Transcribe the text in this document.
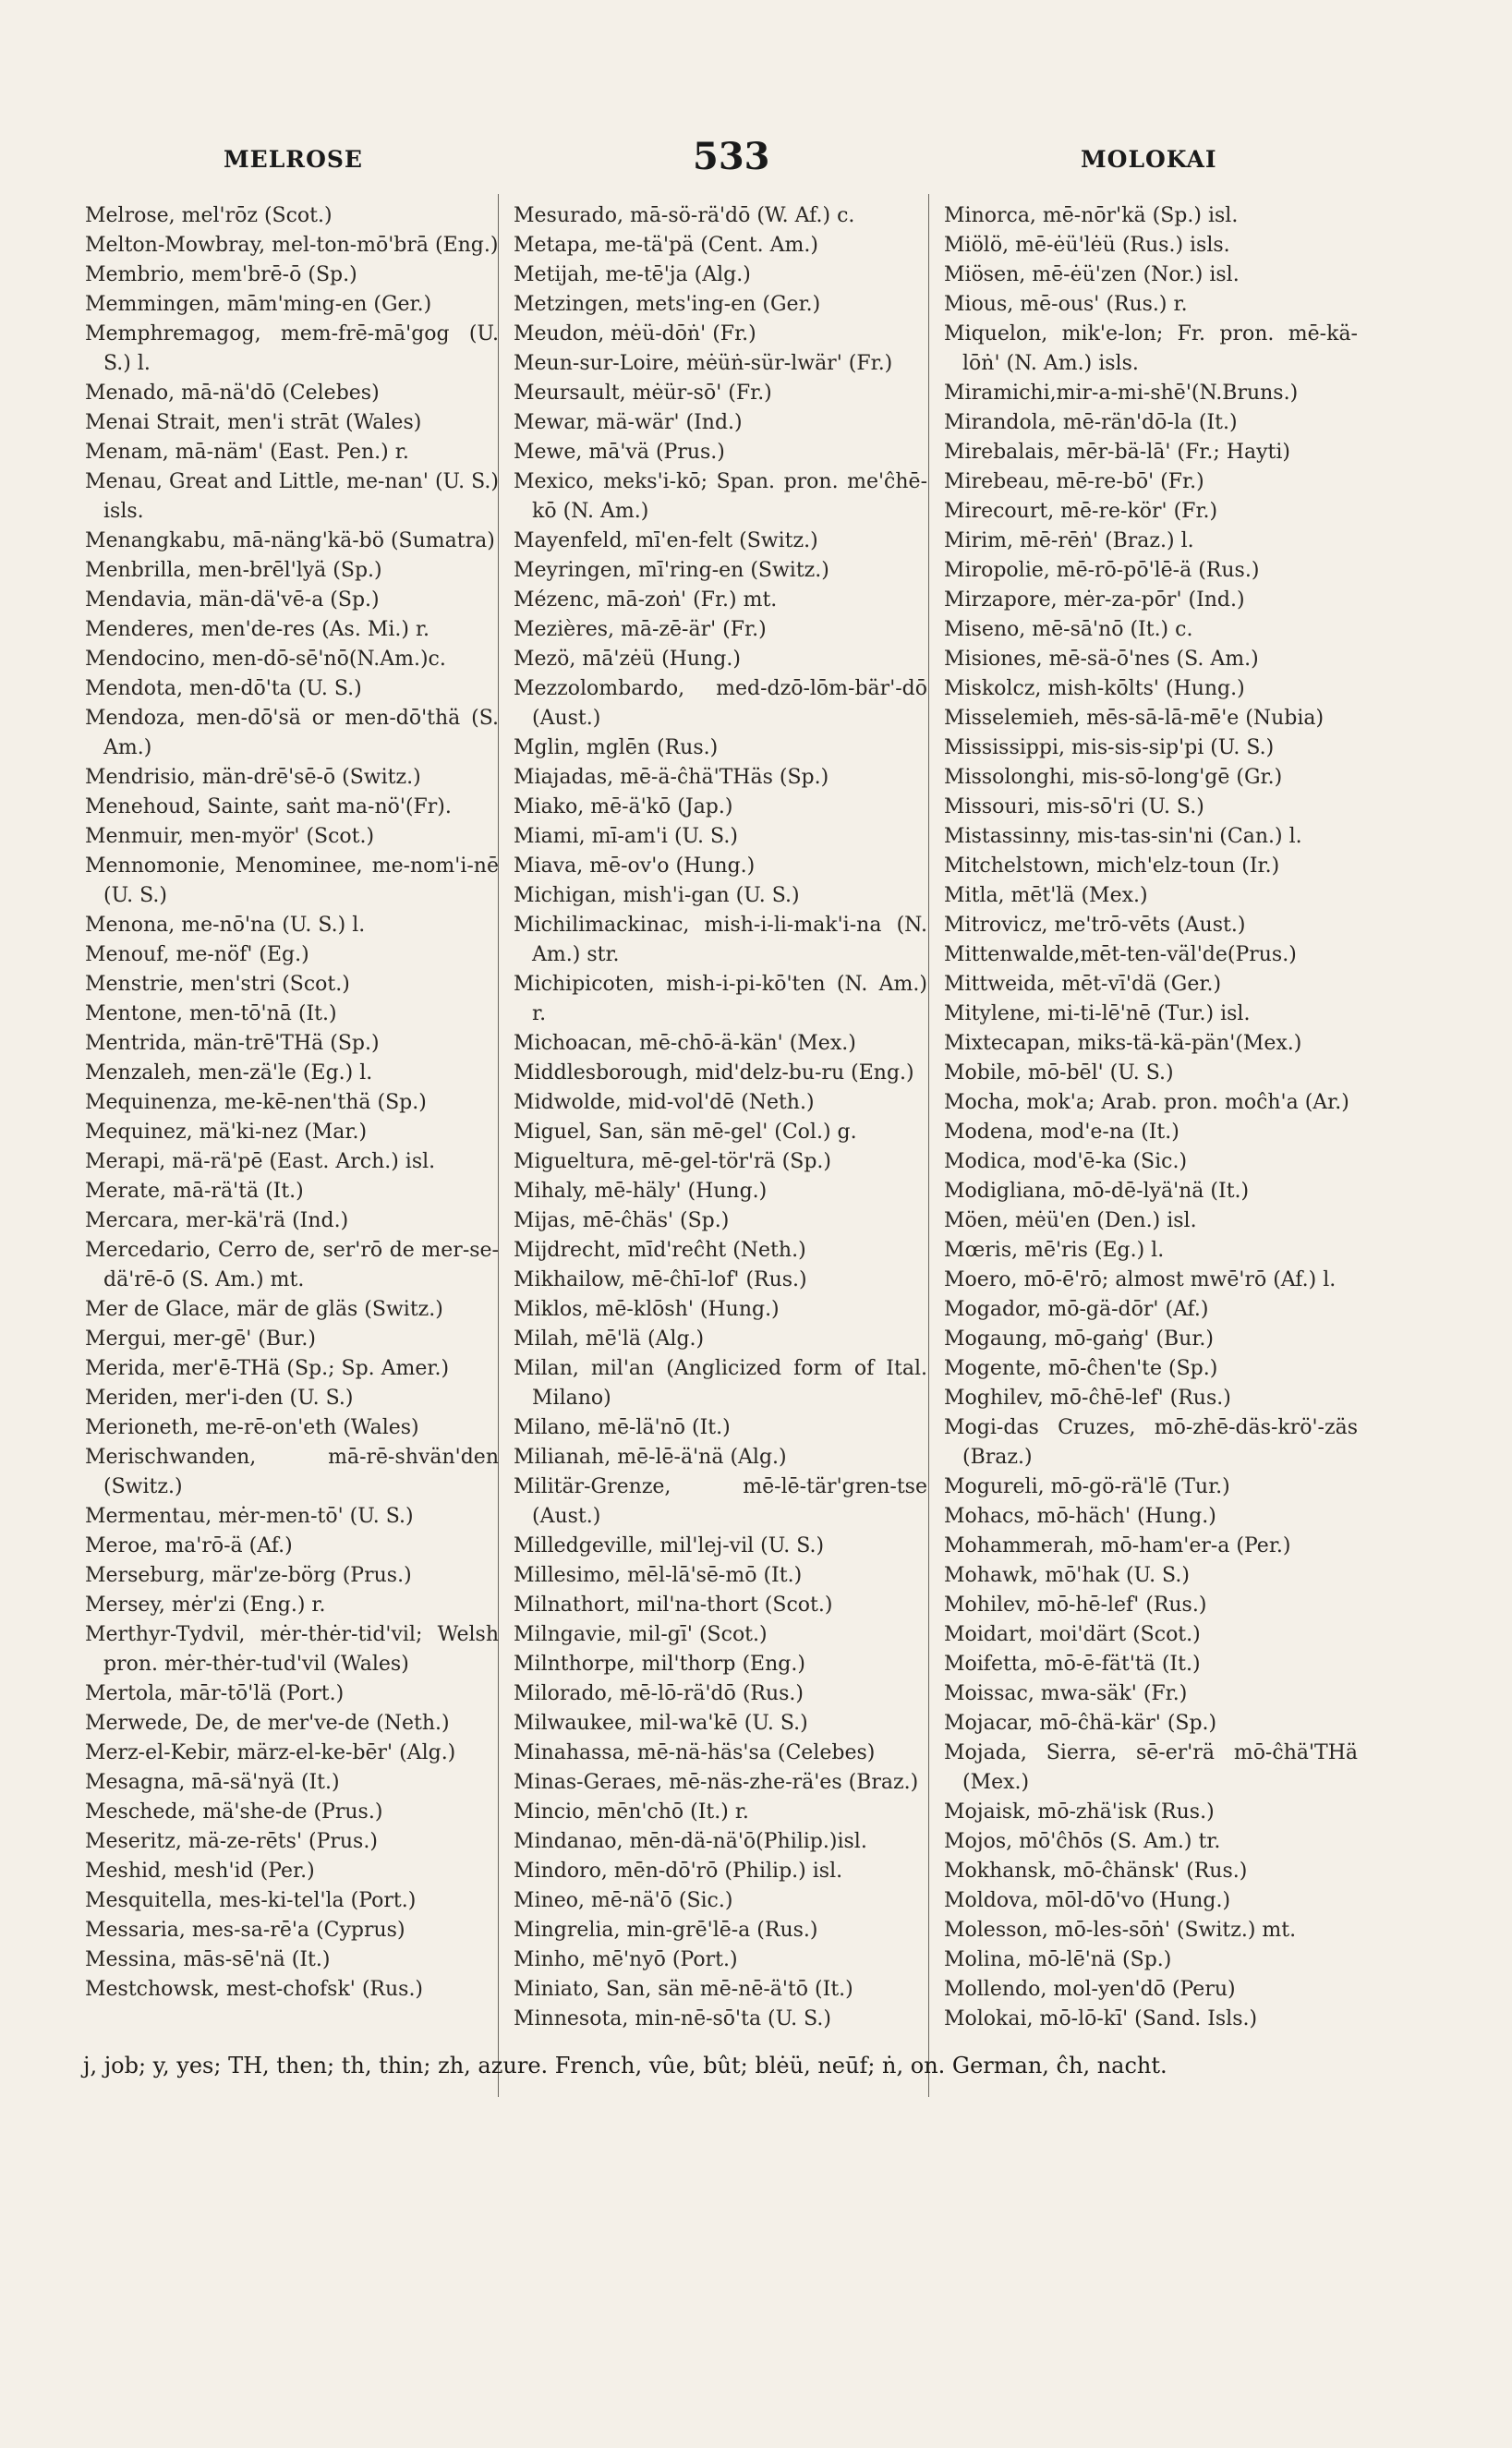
MELROSE	533	MOLOKAI
Melrose, mel'rōz (Scot.)
Melton-Mowbray, mel-ton-mō'brā (Eng.)
Membrio, mem'brē-ō (Sp.)
Memmingen, mām'ming-en (Ger.)
Memphremagog, mem-frē-mā'gog (U. S.) l.
Menado, mā-nä'dō (Celebes)
Menai Strait, men'i strāt (Wales)
Menam, mā-näm' (East. Pen.) r.
Menau, Great and Little, me-nan' (U. S.) isls.
Menangkabu, mā-näng'kä-bö (Sumatra)
Menbrilla, men-brēl'lyä (Sp.)
Mendavia, män-dä'vē-a (Sp.)
Menderes, men'de-res (As. Mi.) r.
Mendocino, men-dō-sē'nō(N.Am.)c.
Mendota, men-dō'ta (U. S.)
Mendoza, men-dō'sä or men-dō'thä (S. Am.)
Mendrisio, män-drē'sē-ō (Switz.)
Menehoud, Sainte, saṅt ma-nö'(Fr).
Menmuir, men-myör' (Scot.)
Mennomonie, Menominee, me-nom'i-nē (U. S.)
Menona, me-nō'na (U. S.) l.
Menouf, me-nöf' (Eg.)
Menstrie, men'stri (Scot.)
Mentone, men-tō'nā (It.)
Mentrida, män-trē'THä (Sp.)
Menzaleh, men-zä'le (Eg.) l.
Mequinenza, me-kē-nen'thä (Sp.)
Mequinez, mä'ki-nez (Mar.)
Merapi, mä-rä'pē (East. Arch.) isl.
Merate, mā-rä'tä (It.)
Mercara, mer-kä'rä (Ind.)
Mercedario, Cerro de, ser'rō de mer-se-dä'rē-ō (S. Am.) mt.
Mer de Glace, mär de gläs (Switz.)
Mergui, mer-gē' (Bur.)
Merida, mer'ē-THä (Sp.; Sp. Amer.)
Meriden, mer'i-den (U. S.)
Merioneth, me-rē-on'eth (Wales)
Merischwanden, mā-rē-shvän'den (Switz.)
Mermentau, mėr-men-tō' (U. S.)
Meroe, ma'rō-ä (Af.)
Merseburg, mär'ze-börg (Prus.)
Mersey, mėr'zi (Eng.) r.
Merthyr-Tydvil, mėr-thėr-tid'vil; Welsh pron. mėr-thėr-tud'vil (Wales)
Mertola, mār-tō'lä (Port.)
Merwede, De, de mer've-de (Neth.)
Merz-el-Kebir, märz-el-ke-bēr' (Alg.)
Mesagna, mā-sä'nyä (It.)
Meschede, mä'she-de (Prus.)
Meseritz, mä-ze-rēts' (Prus.)
Meshid, mesh'id (Per.)
Mesquitella, mes-ki-tel'la (Port.)
Messaria, mes-sa-rē'a (Cyprus)
Messina, mās-sē'nä (It.)
Mestchowsk, mest-chofsk' (Rus.)
Mesurado, mā-sö-rä'dō (W. Af.) c.
Metapa, me-tä'pä (Cent. Am.)
Metijah, me-tē'ja (Alg.)
Metzingen, mets'ing-en (Ger.)
Meudon, mėü-dōṅ' (Fr.)
Meun-sur-Loire, mėüṅ-sür-lwär' (Fr.)
Meursault, mėür-sō' (Fr.)
Mewar, mä-wär' (Ind.)
Mewe, mā'vä (Prus.)
Mexico, meks'i-kō; Span. pron. me'ĉhē-kō (N. Am.)
Mayenfeld, mī'en-felt (Switz.)
Meyringen, mī'ring-en (Switz.)
Mézenc, mā-zoṅ' (Fr.) mt.
Mezières, mā-zē-är' (Fr.)
Mezö, mā'zėü (Hung.)
Mezzolombardo, med-dzō-lōm-bär'-dō (Aust.)
Mglin, mglēn (Rus.)
Miajadas, mē-ä-ĉhä'THäs (Sp.)
Miako, mē-ä'kō (Jap.)
Miami, mī-am'i (U. S.)
Miava, mē-ov'o (Hung.)
Michigan, mish'i-gan (U. S.)
Michilimackinac, mish-i-li-mak'i-na (N. Am.) str.
Michipicoten, mish-i-pi-kō'ten (N. Am.) r.
Michoacan, mē-chō-ä-kän' (Mex.)
Middlesborough, mid'delz-bu-ru (Eng.)
Midwolde, mid-vol'dē (Neth.)
Miguel, San, sän mē-gel' (Col.) g.
Migueltura, mē-gel-tör'rä (Sp.)
Mihaly, mē-häly' (Hung.)
Mijas, mē-ĉhäs' (Sp.)
Mijdrecht, mīd'reĉht (Neth.)
Mikhailow, mē-ĉhī-lof' (Rus.)
Miklos, mē-klōsh' (Hung.)
Milah, mē'lä (Alg.)
Milan, mil'an (Anglicized form of Ital. Milano)
Milano, mē-lä'nō (It.)
Milianah, mē-lē-ä'nä (Alg.)
Militär-Grenze, mē-lē-tär'gren-tse (Aust.)
Milledgeville, mil'lej-vil (U. S.)
Millesimo, mēl-lā'sē-mō (It.)
Milnathort, mil'na-thort (Scot.)
Milngavie, mil-gī' (Scot.)
Milnthorpe, mil'thorp (Eng.)
Milorado, mē-lō-rä'dō (Rus.)
Milwaukee, mil-wa'kē (U. S.)
Minahassa, mē-nä-häs'sa (Celebes)
Minas-Geraes, mē-näs-zhe-rä'es (Braz.)
Mincio, mēn'chō (It.) r.
Mindanao, mēn-dä-nä'ō(Philip.)isl.
Mindoro, mēn-dō'rō (Philip.) isl.
Mineo, mē-nä'ō (Sic.)
Mingrelia, min-grē'lē-a (Rus.)
Minho, mē'nyō (Port.)
Miniato, San, sän mē-nē-ä'tō (It.)
Minnesota, min-nē-sō'ta (U. S.)
Minorca, mē-nōr'kä (Sp.) isl.
Miölö, mē-ėü'lėü (Rus.) isls.
Miösen, mē-ėü'zen (Nor.) isl.
Mious, mē-ous' (Rus.) r.
Miquelon, mik'e-lon; Fr. pron. mē-kä-lōṅ' (N. Am.) isls.
Miramichi,mir-a-mi-shē'(N.Bruns.)
Mirandola, mē-rän'dō-la (It.)
Mirebalais, mēr-bä-lā' (Fr.; Hayti)
Mirebeau, mē-re-bō' (Fr.)
Mirecourt, mē-re-kör' (Fr.)
Mirim, mē-rēṅ' (Braz.) l.
Miropolie, mē-rō-pō'lē-ä (Rus.)
Mirzapore, mėr-za-pōr' (Ind.)
Miseno, mē-sā'nō (It.) c.
Misiones, mē-sä-ō'nes (S. Am.)
Miskolcz, mish-kōlts' (Hung.)
Misselemieh, mēs-sā-lā-mē'e (Nubia)
Mississippi, mis-sis-sip'pi (U. S.)
Missolonghi, mis-sō-long'gē (Gr.)
Missouri, mis-sō'ri (U. S.)
Mistassinny, mis-tas-sin'ni (Can.) l.
Mitchelstown, mich'elz-toun (Ir.)
Mitla, mēt'lä (Mex.)
Mitrovicz, me'trō-vēts (Aust.)
Mittenwalde,mēt-ten-väl'de(Prus.)
Mittweida, mēt-vī'dä (Ger.)
Mitylene, mi-ti-lē'nē (Tur.) isl.
Mixtecapan, miks-tä-kä-pän'(Mex.)
Mobile, mō-bēl' (U. S.)
Mocha, mok'a; Arab. pron. moĉh'a (Ar.)
Modena, mod'e-na (It.)
Modica, mod'ē-ka (Sic.)
Modigliana, mō-dē-lyä'nä (It.)
Möen, mėü'en (Den.) isl.
Mœris, mē'ris (Eg.) l.
Moero, mō-ē'rō; almost mwē'rō (Af.) l.
Mogador, mō-gä-dōr' (Af.)
Mogaung, mō-gaṅg' (Bur.)
Mogente, mō-ĉhen'te (Sp.)
Moghilev, mō-ĉhē-lef' (Rus.)
Mogi-das Cruzes, mō-zhē-däs-krö'-zäs (Braz.)
Mogureli, mō-gö-rä'lē (Tur.)
Mohacs, mō-häch' (Hung.)
Mohammerah, mō-ham'er-a (Per.)
Mohawk, mō'hak (U. S.)
Mohilev, mō-hē-lef' (Rus.)
Moidart, moi'därt (Scot.)
Moifetta, mō-ē-fät'tä (It.)
Moissac, mwa-säk' (Fr.)
Mojacar, mō-ĉhä-kär' (Sp.)
Mojada, Sierra, sē-er'rä mō-ĉhä'THä (Mex.)
Mojaisk, mō-zhä'isk (Rus.)
Mojos, mō'ĉhōs (S. Am.) tr.
Mokhansk, mō-ĉhänsk' (Rus.)
Moldova, mōl-dō'vo (Hung.)
Molesson, mō-les-sōṅ' (Switz.) mt.
Molina, mō-lē'nä (Sp.)
Mollendo, mol-yen'dō (Peru)
Molokai, mō-lō-kī' (Sand. Isls.)
j, job; y, yes; TH, then; th, thin; zh, azure. French, vûe, bût; blėü, neūf; ṅ, on. German, ĉh, nacht.
